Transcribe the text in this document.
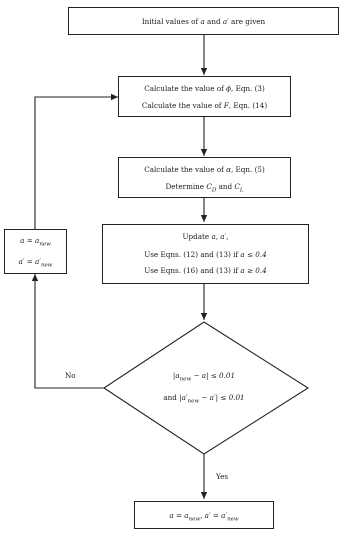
Initial values of a and a′ are given
Calculate the value of ϕ, Eqn. (3)
Calculate the value of F, Eqn. (14)
Calculate the value of α, Eqn. (5)
Determine $C_D$ and $C_L$
Update a, a′,
Use Eqns. (12) and (13) if a ≤ 0.4
Use Eqns. (16) and (13) if a ≥ 0.4
$a = a_{new}$
$a' = a'_{new}$
$|a_{new} - a| \le 0.01$
and $|a'_{new} - a'| \le 0.01$
No
Yes
$a = a_{new}$, $a' = a'_{new}$
